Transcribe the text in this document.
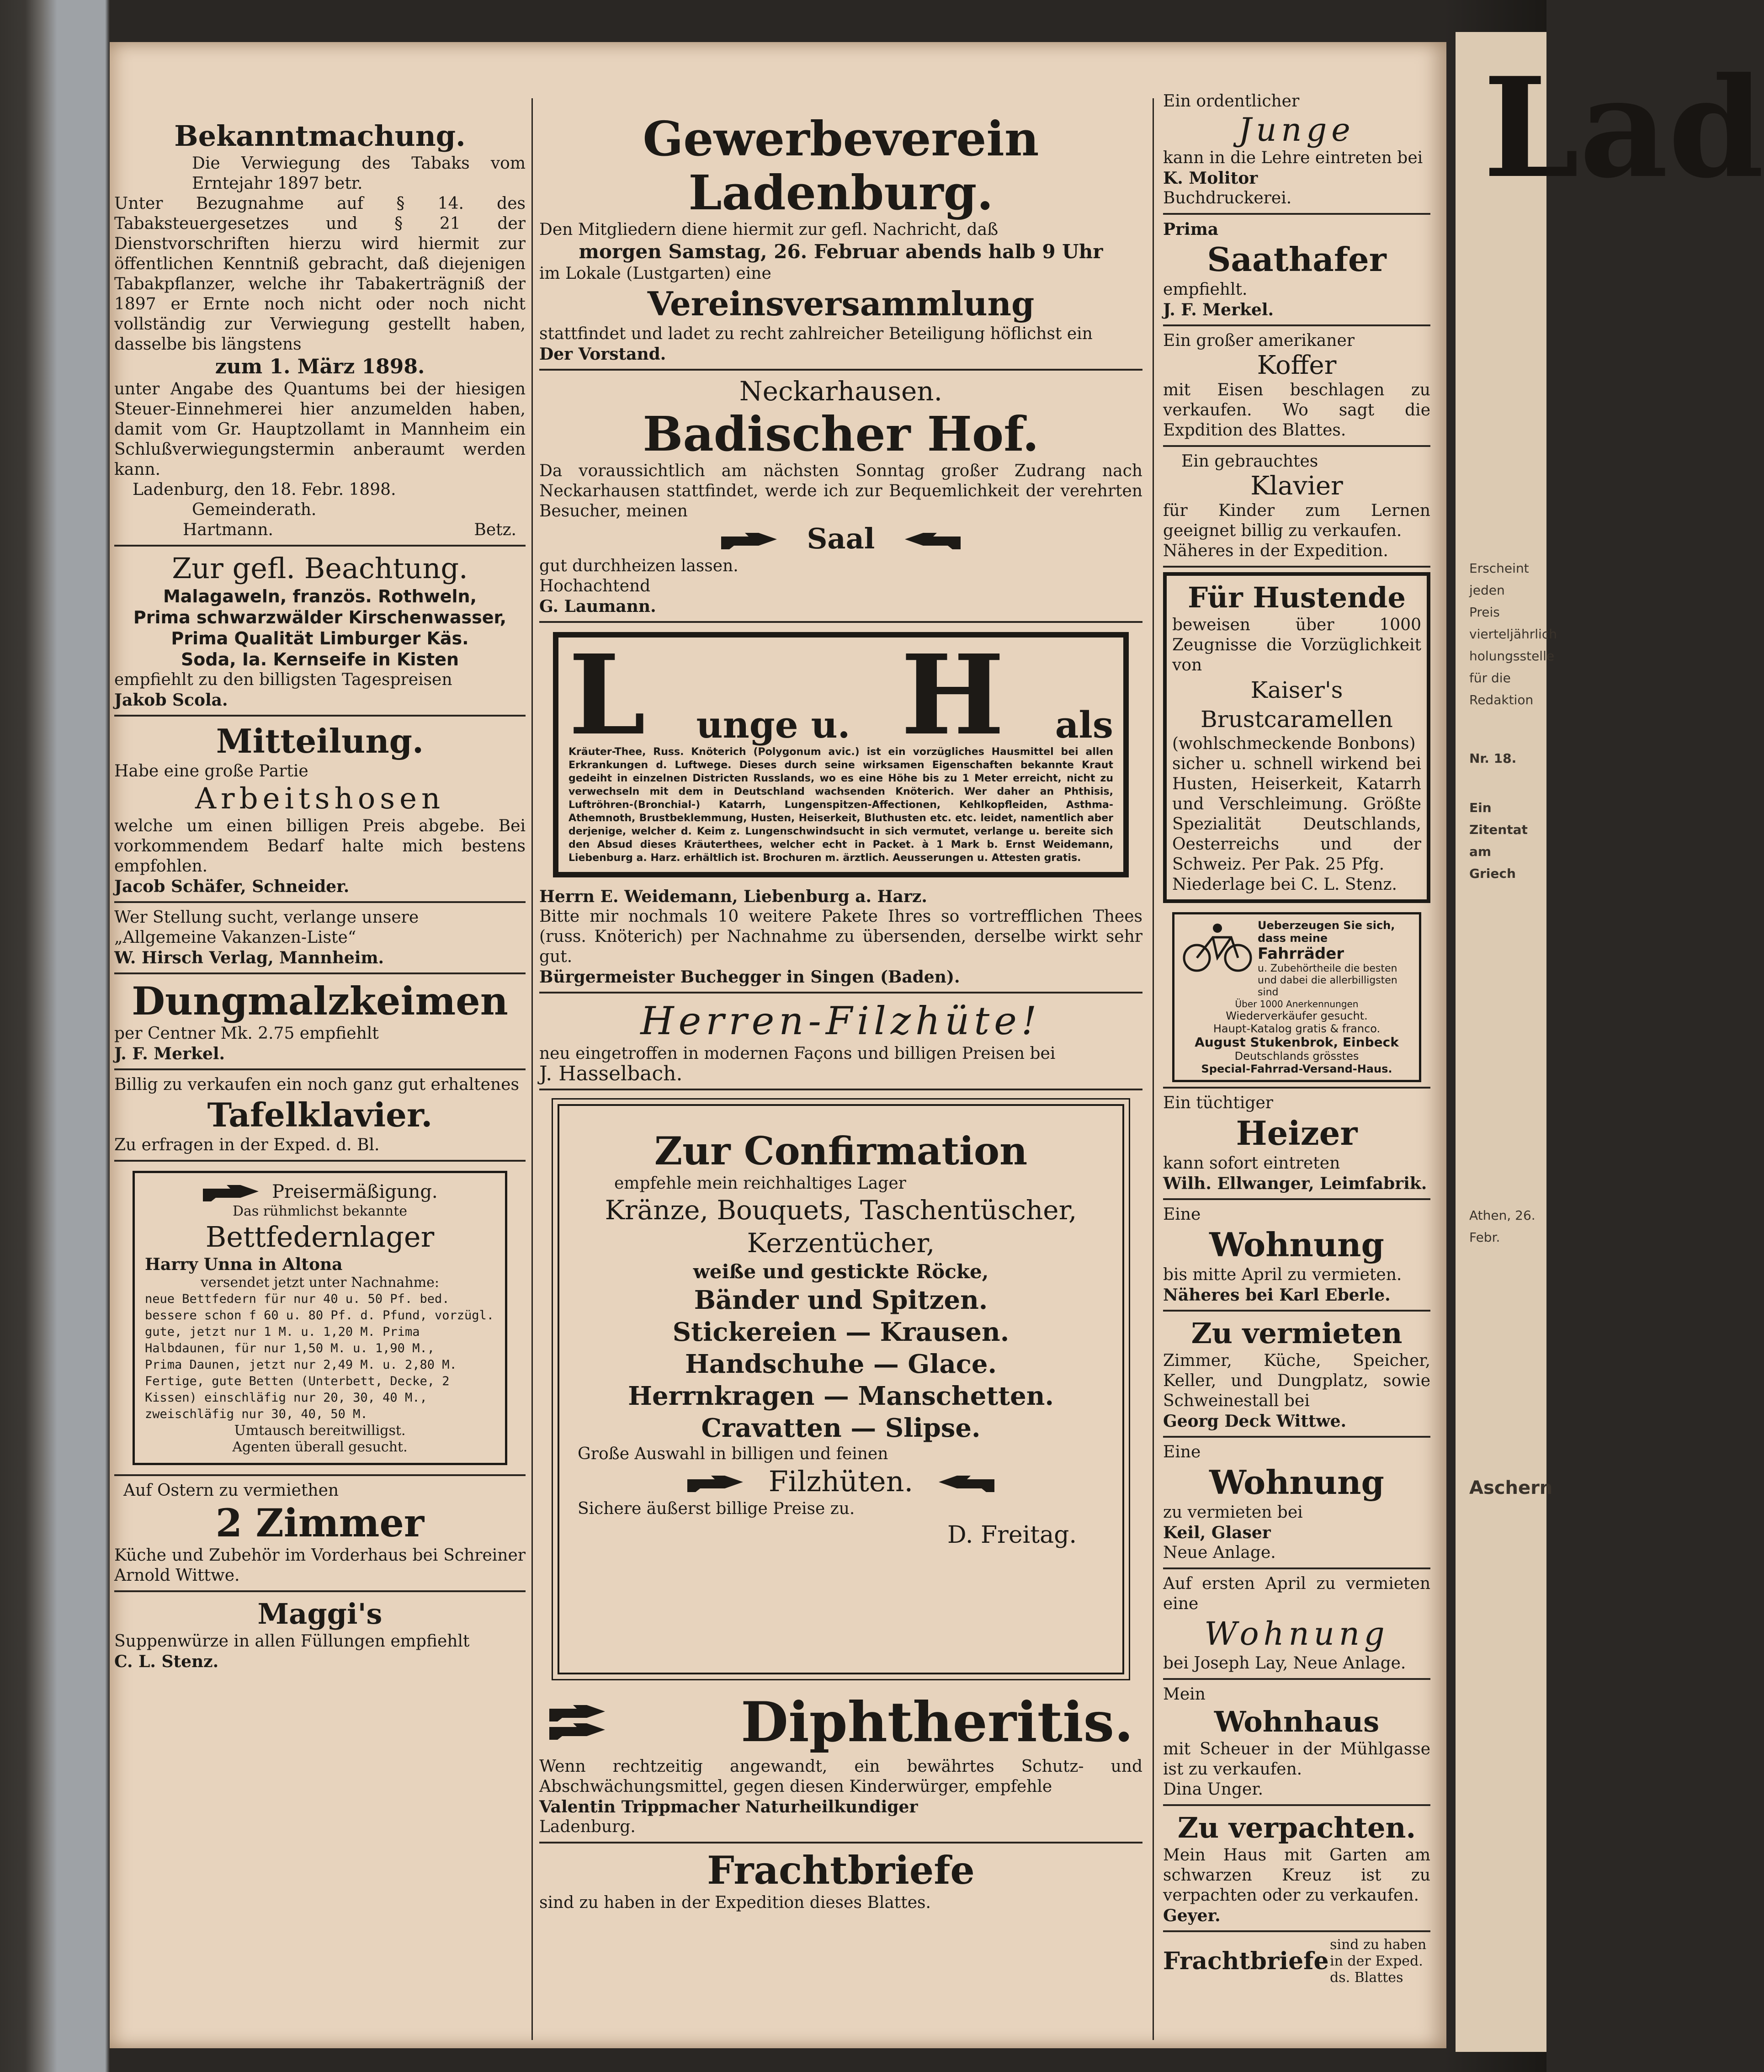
Lad
Erscheint jeden
Preis vierteljährlich
holungsstelle
für die Redaktion
Nr. 18.
Ein Zitentat am
Griech
Athen, 26. Febr.
Aschern
Bekanntmachung.
Die Verwiegung des Tabaks vom Erntejahr 1897 betr.
Unter Bezugnahme auf § 14. des Tabaksteuergesetzes und § 21 der Dienstvorschriften hierzu wird hiermit zur öffentlichen Kenntniß gebracht, daß diejenigen Tabakpflanzer, welche ihr Tabakerträgniß der 1897 er Ernte noch nicht oder noch nicht vollständig zur Verwiegung gestellt haben, dasselbe bis längstens
zum 1. März 1898.
unter Angabe des Quantums bei der hiesigen Steuer-Einnehmerei hier anzumelden haben, damit vom Gr. Hauptzollamt in Mannheim ein Schlußverwiegungstermin anberaumt werden kann.
Ladenburg, den 18. Febr. 1898.
Gemeinderath.
Hartmann.	Betz.
Zur gefl. Beachtung.
Malagaweln, französ. Rothweln,
Prima schwarzwälder Kirschenwasser,
Prima Qualität Limburger Käs.
Soda, Ia. Kernseife in Kisten
empfiehlt zu den billigsten Tagespreisen
Jakob Scola.
Mitteilung.
Habe eine große Partie
Arbeitshosen
welche um einen billigen Preis abgebe. Bei vorkommendem Bedarf halte mich bestens empfohlen.
Jacob Schäfer, Schneider.
Wer Stellung sucht, verlange unsere
„Allgemeine Vakanzen-Liste“
W. Hirsch Verlag, Mannheim.
Dungmalzkeimen
per Centner Mk. 2.75 empfiehlt
J. F. Merkel.
Billig zu verkaufen ein noch ganz gut erhaltenes
Tafelklavier.
Zu erfragen in der Exped. d. Bl.
Preisermäßigung.
Das rühmlichst bekannte
Bettfedernlager
Harry Unna in Altona
versendet jetzt unter Nachnahme:
neue Bettfedern für nur 40 u. 50 Pf. bed. bessere schon f 60 u. 80 Pf. d. Pfund, vorzügl. gute, jetzt nur 1 M. u. 1,20 M. Prima Halbdaunen, für nur 1,50 M. u. 1,90 M.,
Prima Daunen, jetzt nur 2,49 M. u. 2,80 M.
Fertige, gute Betten (Unterbett, Decke, 2 Kissen) einschläfig nur 20, 30, 40 M., zweischläfig nur 30, 40, 50 M.
Umtausch bereitwilligst.
Agenten überall gesucht.
Auf Ostern zu vermiethen
2 Zimmer
Küche und Zubehör im Vorderhaus bei Schreiner Arnold Wittwe.
Maggi's
Suppenwürze in allen Füllungen empfiehlt
C. L. Stenz.
Gewerbeverein Ladenburg.
Den Mitgliedern diene hiermit zur gefl. Nachricht, daß
morgen Samstag, 26. Februar abends halb 9 Uhr
im Lokale (Lustgarten) eine
Vereinsversammlung
stattfindet und ladet zu recht zahlreicher Beteiligung höflichst ein
Der Vorstand.
Neckarhausen.
Badischer Hof.
Da voraussichtlich am nächsten Sonntag großer Zudrang nach Neckarhausen stattfindet, werde ich zur Bequemlichkeit der verehrten Besucher, meinen
Saal
gut durchheizen lassen.
Hochachtend
G. Laumann.
L unge u. H als
Kräuter-Thee, Russ. Knöterich (Polygonum avic.) ist ein vorzügliches Hausmittel bei allen Erkrankungen d. Luftwege. Dieses durch seine wirksamen Eigenschaften bekannte Kraut gedeiht in einzelnen Districten Russlands, wo es eine Höhe bis zu 1 Meter erreicht, nicht zu verwechseln mit dem in Deutschland wachsenden Knöterich. Wer daher an Phthisis, Luftröhren-(Bronchial-) Katarrh, Lungenspitzen-Affectionen, Kehlkopfleiden, Asthma-Athemnoth, Brustbeklemmung, Husten, Heiserkeit, Bluthusten etc. etc. leidet, namentlich aber derjenige, welcher d. Keim z. Lungenschwindsucht in sich vermutet, verlange u. bereite sich den Absud dieses Kräuterthees, welcher echt in Packet. à 1 Mark b. Ernst Weidemann, Liebenburg a. Harz. erhältlich ist. Brochuren m. ärztlich. Aeusserungen u. Attesten gratis.
Herrn E. Weidemann, Liebenburg a. Harz.
Bitte mir nochmals 10 weitere Pakete Ihres so vortrefflichen Thees (russ. Knöterich) per Nachnahme zu übersenden, derselbe wirkt sehr gut.
Bürgermeister Buchegger in Singen (Baden).
Herren-Filzhüte!
neu eingetroffen in modernen Façons und billigen Preisen bei
J. Hasselbach.
Zur Confirmation
empfehle mein reichhaltiges Lager
Kränze, Bouquets, Taschentüscher,
Kerzentücher,
weiße und gestickte Röcke,
Bänder und Spitzen.
Stickereien — Krausen.
Handschuhe — Glace.
Herrnkragen — Manschetten.
Cravatten — Slipse.
Große Auswahl in billigen und feinen
Filzhüten.
Sichere äußerst billige Preise zu.
D. Freitag.

Diphtheritis.
Wenn rechtzeitig angewandt, ein bewährtes Schutz- und Abschwächungsmittel, gegen diesen Kinderwürger, empfehle
Valentin Trippmacher Naturheilkundiger
Ladenburg.
Frachtbriefe
sind zu haben in der Expedition dieses Blattes.
Ein ordentlicher
Junge
kann in die Lehre eintreten bei
K. Molitor
Buchdruckerei.
Prima
Saathafer
empfiehlt.
J. F. Merkel.
Ein großer amerikaner
Koffer
mit Eisen beschlagen zu verkaufen. Wo sagt die Expdition des Blattes.
Ein gebrauchtes
Klavier
für Kinder zum Lernen geeignet billig zu verkaufen.
Näheres in der Expedition.
Für Hustende
beweisen über 1000 Zeugnisse die Vorzüglichkeit von
Kaiser's Brustcaramellen
(wohlschmeckende Bonbons)
sicher u. schnell wirkend bei Husten, Heiserkeit, Katarrh und Verschleimung. Größte Spezialität Deutschlands, Oesterreichs und der Schweiz. Per Pak. 25 Pfg.
Niederlage bei C. L. Stenz.
Ueberzeugen Sie sich, dass meine
Fahrräder
u. Zubehörtheile die besten und dabei die allerbilligsten sind
Über 1000 Anerkennungen
Wiederverkäufer gesucht.
Haupt-Katalog gratis & franco.
August Stukenbrok, Einbeck
Deutschlands grösstes
Special-Fahrrad-Versand-Haus.
Ein tüchtiger
Heizer
kann sofort eintreten
Wilh. Ellwanger, Leimfabrik.
Eine
Wohnung
bis mitte April zu vermieten.
Näheres bei Karl Eberle.
Zu vermieten
Zimmer, Küche, Speicher, Keller, und Dungplatz, sowie Schweinestall bei
Georg Deck Wittwe.
Eine
Wohnung
zu vermieten bei
Keil, Glaser
Neue Anlage.
Auf ersten April zu vermieten eine
Wohnung
bei Joseph Lay, Neue Anlage.
Mein
Wohnhaus
mit Scheuer in der Mühlgasse ist zu verkaufen.
Dina Unger.
Zu verpachten.
Mein Haus mit Garten am schwarzen Kreuz ist zu verpachten oder zu verkaufen.
Geyer.
Frachtbriefe
sind zu haben in der Exped. ds. Blattes
